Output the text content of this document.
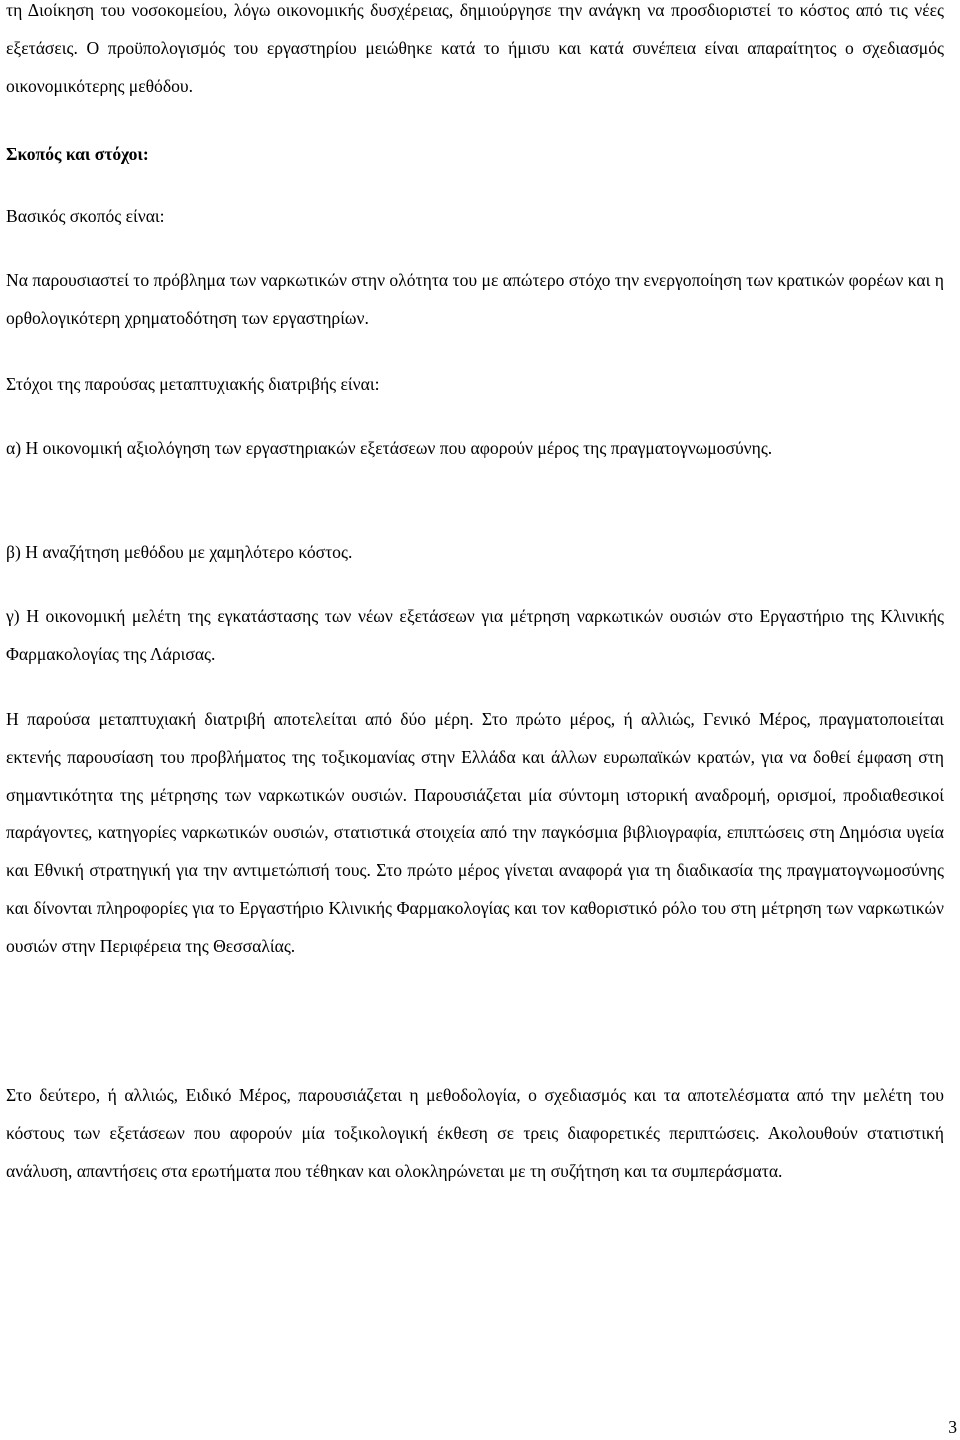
τη Διοίκηση του νοσοκομείου, λόγω οικονομικής δυσχέρειας, δημιούργησε την ανάγκη να προσδιοριστεί το κόστος από τις νέες εξετάσεις. Ο προϋπολογισμός του εργαστηρίου μειώθηκε κατά το ήμισυ και κατά συνέπεια είναι απαραίτητος ο σχεδιασμός οικονομικότερης μεθόδου.

Σκοπός και στόχοι:

Βασικός σκοπός είναι:

Να παρουσιαστεί το πρόβλημα των ναρκωτικών στην ολότητα του με απώτερο στόχο την ενεργοποίηση των κρατικών φορέων και η ορθολογικότερη χρηματοδότηση των εργαστηρίων.

Στόχοι της παρούσας μεταπτυχιακής διατριβής είναι:

α) Η οικονομική αξιολόγηση των εργαστηριακών εξετάσεων που αφορούν μέρος της πραγματογνωμοσύνης.

β) Η αναζήτηση μεθόδου με χαμηλότερο κόστος.

γ) Η οικονομική μελέτη της εγκατάστασης των νέων εξετάσεων για μέτρηση ναρκωτικών ουσιών στο Εργαστήριο της Κλινικής Φαρμακολογίας της Λάρισας.

Η παρούσα μεταπτυχιακή διατριβή αποτελείται από δύο μέρη. Στο πρώτο μέρος, ή αλλιώς, Γενικό Μέρος, πραγματοποιείται εκτενής παρουσίαση του προβλήματος της τοξικομανίας στην Ελλάδα και άλλων ευρωπαϊκών κρατών, για να δοθεί έμφαση στη σημαντικότητα της μέτρησης των ναρκωτικών ουσιών. Παρουσιάζεται μία σύντομη ιστορική αναδρομή, ορισμοί, προδιαθεσικοί παράγοντες, κατηγορίες ναρκωτικών ουσιών, στατιστικά στοιχεία από την παγκόσμια βιβλιογραφία, επιπτώσεις στη Δημόσια υγεία και Εθνική στρατηγική για την αντιμετώπισή τους. Στο πρώτο μέρος γίνεται αναφορά για τη διαδικασία της πραγματογνωμοσύνης και δίνονται πληροφορίες για το Εργαστήριο Κλινικής Φαρμακολογίας και τον καθοριστικό ρόλο του στη μέτρηση των ναρκωτικών ουσιών στην Περιφέρεια της Θεσσαλίας.

Στο δεύτερο, ή αλλιώς, Ειδικό Μέρος, παρουσιάζεται η μεθοδολογία, ο σχεδιασμός και τα αποτελέσματα από την μελέτη του κόστους των εξετάσεων που αφορούν μία τοξικολογική έκθεση σε τρεις διαφορετικές περιπτώσεις. Ακολουθούν στατιστική ανάλυση, απαντήσεις στα ερωτήματα που τέθηκαν και ολοκληρώνεται με τη συζήτηση και τα συμπεράσματα.

3
